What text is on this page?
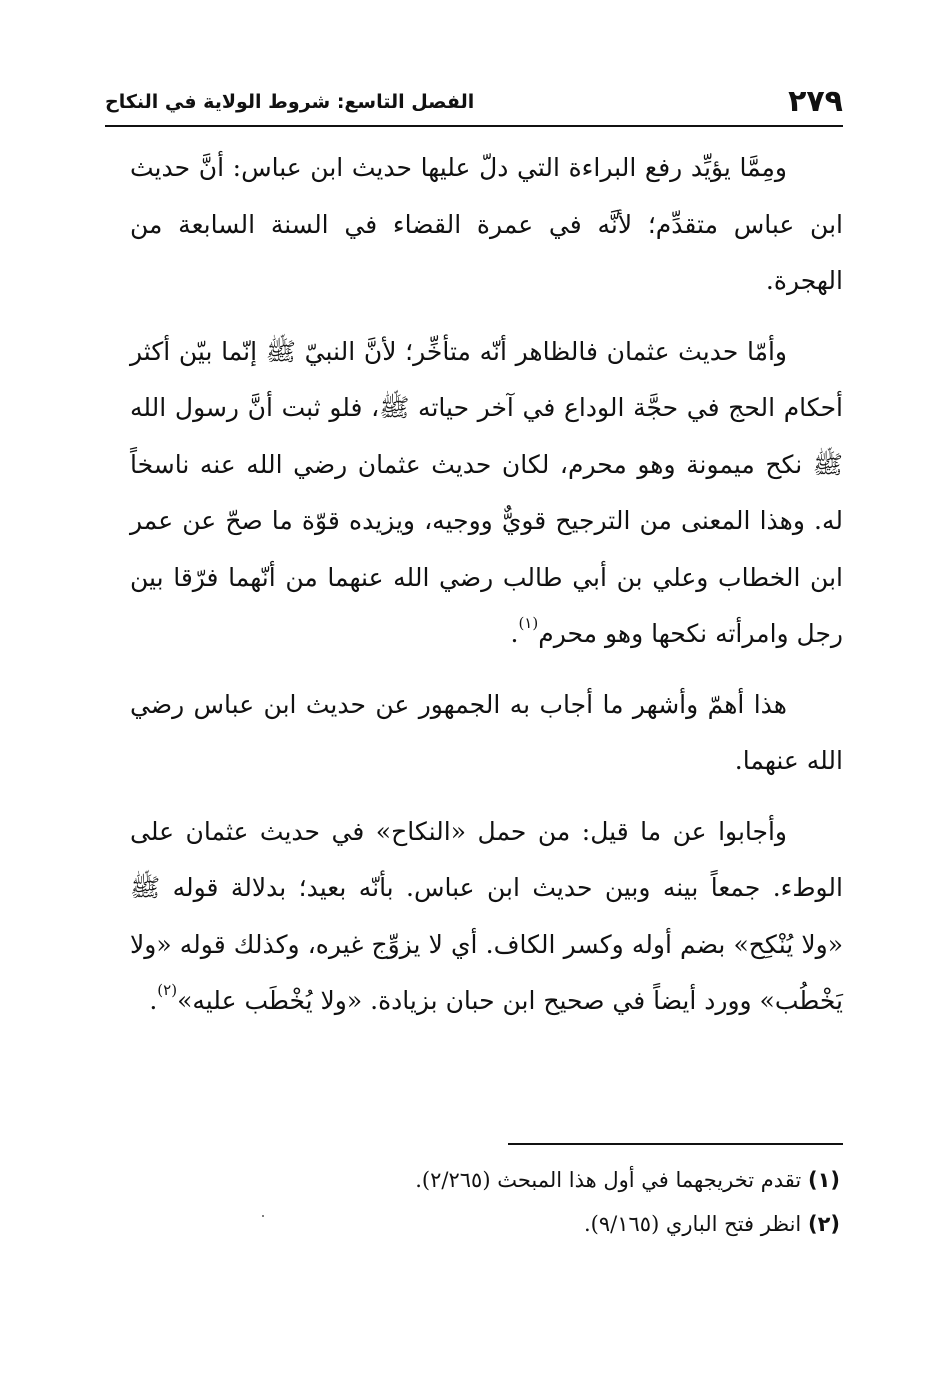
٢٧٩
الفصل التاسع: شروط الولاية في النكاح

ومِمَّا يؤيِّد رفع البراءة التي دلّ عليها حديث ابن عباس: أنَّ حديث ابن عباس متقدِّم؛ لأنَّه في عمرة القضاء في السنة السابعة من الهجرة.

وأمّا حديث عثمان فالظاهر أنّه متأخِّر؛ لأنَّ النبيّ ﷺ إنّما بيّن أكثر أحكام الحج في حجَّة الوداع في آخر حياته ﷺ، فلو ثبت أنَّ رسول الله ﷺ نكح ميمونة وهو محرم، لكان حديث عثمان رضي الله عنه ناسخاً له. وهذا المعنى من الترجيح قويٌّ ووجيه، ويزيده قوّة ما صحّ عن عمر ابن الخطاب وعلي بن أبي طالب رضي الله عنهما من أنّهما فرّقا بين رجل وامرأته نكحها وهو محرم$^{(١)}$.

هذا أهمّ وأشهر ما أجاب به الجمهور عن حديث ابن عباس رضي الله عنهما.

وأجابوا عن ما قيل: من حمل «النكاح» في حديث عثمان على الوطء. جمعاً بينه وبين حديث ابن عباس. بأنّه بعيد؛ بدلالة قوله ﷺ «ولا يُنْكِح» بضم أوله وكسر الكاف. أي لا يزوِّج غيره، وكذلك قوله «ولا يَخْطُب» وورد أيضاً في صحيح ابن حبان بزيادة. «ولا يُخْطَب عليه»$^{(٢)}$.

(١) تقدم تخريجهما في أول هذا المبحث (٢/٢٦٥).

(٢) انظر فتح الباري (٩/١٦٥).
